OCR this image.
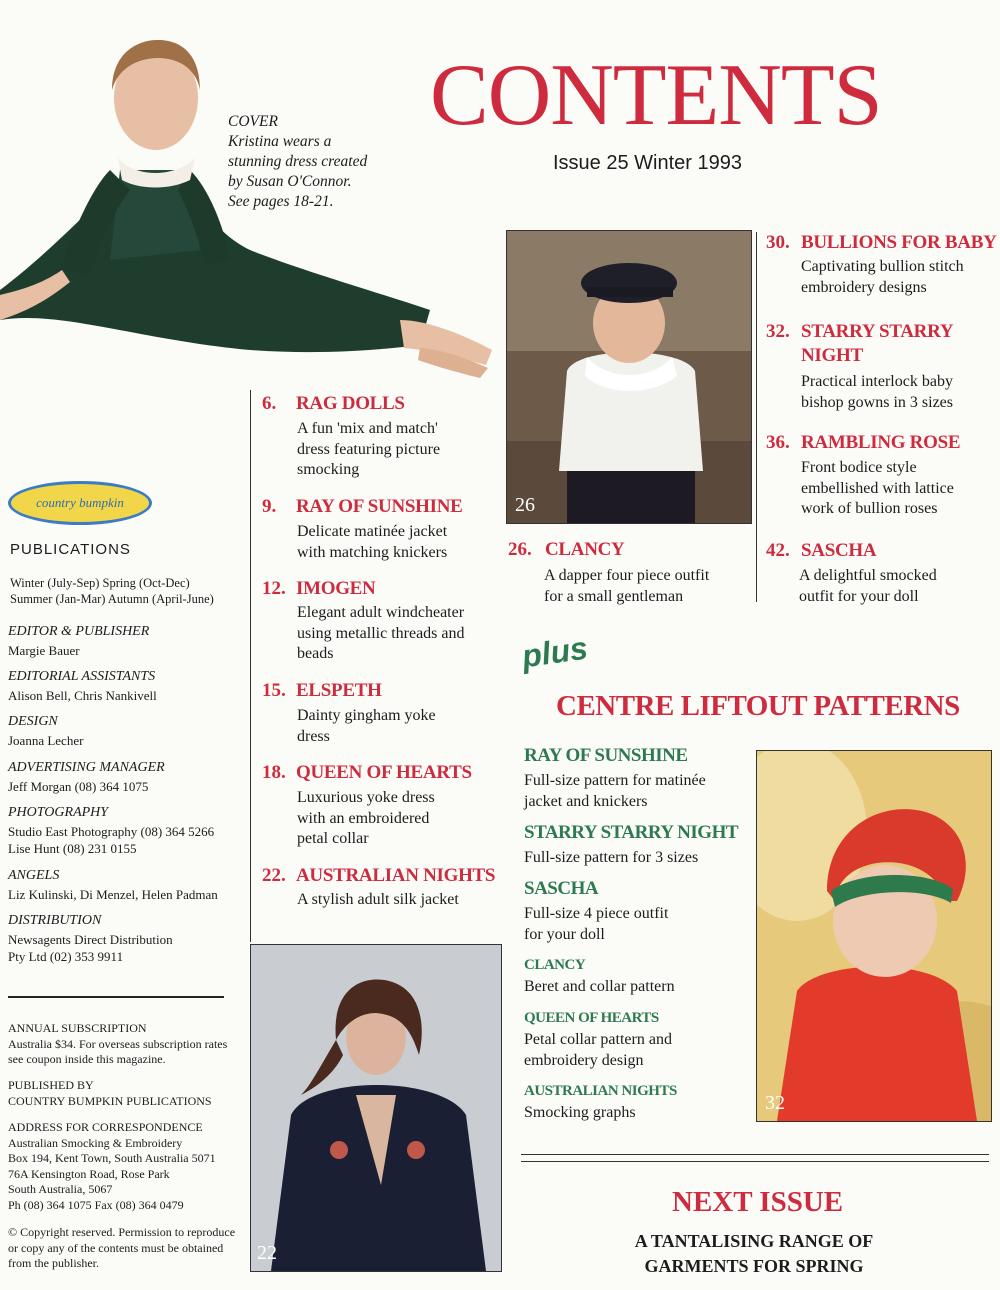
CONTENTS
Issue 25 Winter 1993
COVER
Kristina wears a
stunning dress created
by Susan O'Connor.
See pages 18-21.
country bumpkin
PUBLICATIONS
Winter (July-Sep) Spring (Oct-Dec)
Summer (Jan-Mar) Autumn (April-June)
EDITOR & PUBLISHER
Margie Bauer
EDITORIAL ASSISTANTS
Alison Bell, Chris Nankivell
DESIGN
Joanna Lecher
ADVERTISING MANAGER
Jeff Morgan (08) 364 1075
PHOTOGRAPHY
Studio East Photography (08) 364 5266
Lise Hunt (08) 231 0155
ANGELS
Liz Kulinski, Di Menzel, Helen Padman
DISTRIBUTION
Newsagents Direct Distribution
Pty Ltd (02) 353 9911
ANNUAL SUBSCRIPTION
Australia $34. For overseas subscription rates
see coupon inside this magazine.
PUBLISHED BY
COUNTRY BUMPKIN PUBLICATIONS
ADDRESS FOR CORRESPONDENCE
Australian Smocking & Embroidery
Box 194, Kent Town, South Australia 5071
76A Kensington Road, Rose Park
South Australia, 5067
Ph (08) 364 1075 Fax (08) 364 0479
© Copyright reserved. Permission to reproduce
or copy any of the contents must be obtained
from the publisher.
6. RAG DOLLS
A fun 'mix and match'
dress featuring picture
smocking
9. RAY OF SUNSHINE
Delicate matinée jacket
with matching knickers
12. IMOGEN
Elegant adult windcheater
using metallic threads and
beads
15. ELSPETH
Dainty gingham yoke
dress
18. QUEEN OF HEARTS
Luxurious yoke dress
with an embroidered
petal collar
22. AUSTRALIAN NIGHTS
A stylish adult silk jacket
26
26. CLANCY
A dapper four piece outfit
for a small gentleman
30. BULLIONS FOR BABY
Captivating bullion stitch
embroidery designs
32. STARRY STARRY
NIGHT
Practical interlock baby
bishop gowns in 3 sizes
36. RAMBLING ROSE
Front bodice style
embellished with lattice
work of bullion roses
42. SASCHA
A delightful smocked
outfit for your doll
plus
CENTRE LIFTOUT PATTERNS
RAY OF SUNSHINE
Full-size pattern for matinée
jacket and knickers
STARRY STARRY NIGHT
Full-size pattern for 3 sizes
SASCHA
Full-size 4 piece outfit
for your doll
CLANCY
Beret and collar pattern
QUEEN OF HEARTS
Petal collar pattern and
embroidery design
AUSTRALIAN NIGHTS
Smocking graphs	32
22
NEXT ISSUE
A TANTALISING RANGE OF
GARMENTS FOR SPRING
